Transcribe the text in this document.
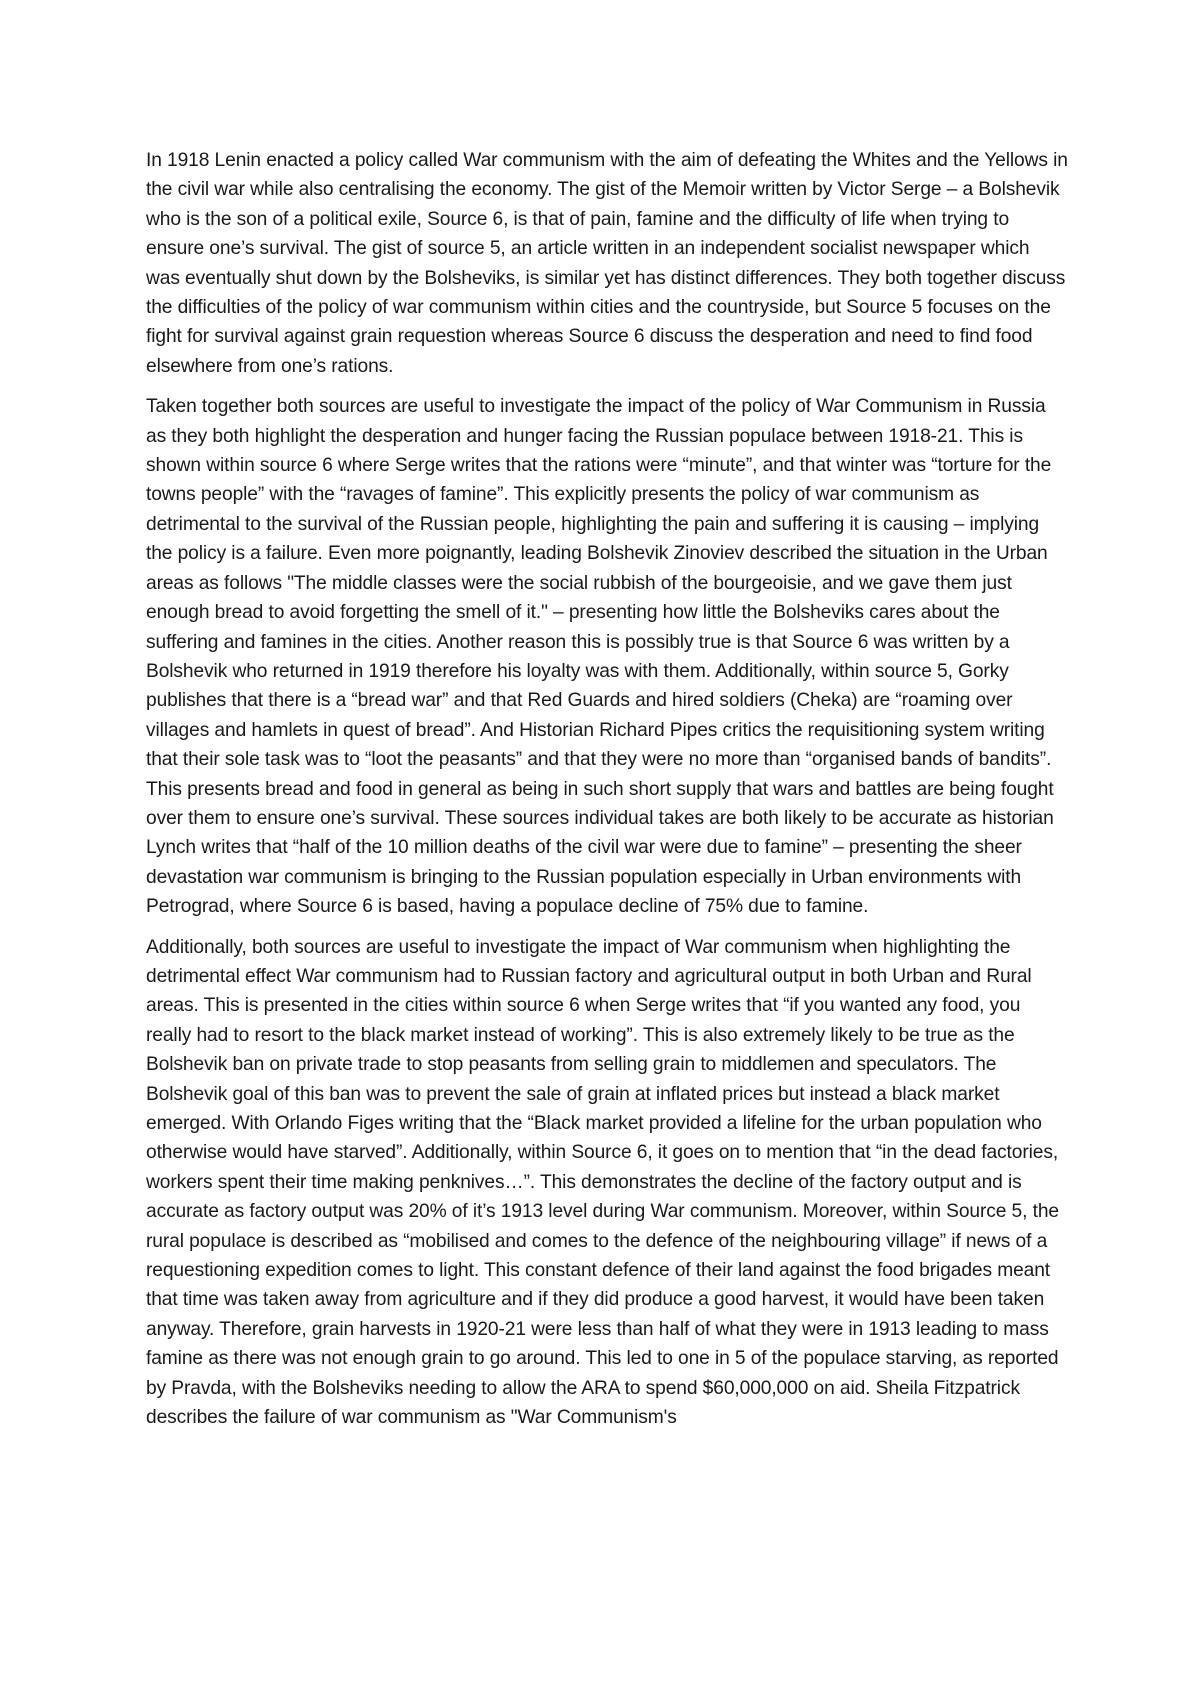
In 1918 Lenin enacted a policy called War communism with the aim of defeating the Whites and the Yellows in the civil war while also centralising the economy. The gist of the Memoir written by Victor Serge – a Bolshevik who is the son of a political exile, Source 6, is that of pain, famine and the difficulty of life when trying to ensure one’s survival. The gist of source 5, an article written in an independent socialist newspaper which was eventually shut down by the Bolsheviks, is similar yet has distinct differences. They both together discuss the difficulties of the policy of war communism within cities and the countryside, but Source 5 focuses on the fight for survival against grain requestion whereas Source 6 discuss the desperation and need to find food elsewhere from one’s rations.

Taken together both sources are useful to investigate the impact of the policy of War Communism in Russia as they both highlight the desperation and hunger facing the Russian populace between 1918-21. This is shown within source 6 where Serge writes that the rations were “minute”, and that winter was “torture for the towns people” with the “ravages of famine”. This explicitly presents the policy of war communism as detrimental to the survival of the Russian people, highlighting the pain and suffering it is causing – implying the policy is a failure. Even more poignantly, leading Bolshevik Zinoviev described the situation in the Urban areas as follows "The middle classes were the social rubbish of the bourgeoisie, and we gave them just enough bread to avoid forgetting the smell of it." – presenting how little the Bolsheviks cares about the suffering and famines in the cities. Another reason this is possibly true is that Source 6 was written by a Bolshevik who returned in 1919 therefore his loyalty was with them. Additionally, within source 5, Gorky publishes that there is a “bread war” and that Red Guards and hired soldiers (Cheka) are “roaming over villages and hamlets in quest of bread”. And Historian Richard Pipes critics the requisitioning system writing that their sole task was to “loot the peasants” and that they were no more than “organised bands of bandits”. This presents bread and food in general as being in such short supply that wars and battles are being fought over them to ensure one’s survival. These sources individual takes are both likely to be accurate as historian Lynch writes that “half of the 10 million deaths of the civil war were due to famine” – presenting the sheer devastation war communism is bringing to the Russian population especially in Urban environments with Petrograd, where Source 6 is based, having a populace decline of 75% due to famine.

Additionally, both sources are useful to investigate the impact of War communism when highlighting the detrimental effect War communism had to Russian factory and agricultural output in both Urban and Rural areas. This is presented in the cities within source 6 when Serge writes that “if you wanted any food, you really had to resort to the black market instead of working”. This is also extremely likely to be true as the Bolshevik ban on private trade to stop peasants from selling grain to middlemen and speculators. The Bolshevik goal of this ban was to prevent the sale of grain at inflated prices but instead a black market emerged. With Orlando Figes writing that the “Black market provided a lifeline for the urban population who otherwise would have starved”. Additionally, within Source 6, it goes on to mention that “in the dead factories, workers spent their time making penknives…”. This demonstrates the decline of the factory output and is accurate as factory output was 20% of it’s 1913 level during War communism. Moreover, within Source 5, the rural populace is described as “mobilised and comes to the defence of the neighbouring village” if news of a requestioning expedition comes to light. This constant defence of their land against the food brigades meant that time was taken away from agriculture and if they did produce a good harvest, it would have been taken anyway. Therefore, grain harvests in 1920-21 were less than half of what they were in 1913 leading to mass famine as there was not enough grain to go around. This led to one in 5 of the populace starving, as reported by Pravda, with the Bolsheviks needing to allow the ARA to spend $60,000,000 on aid. Sheila Fitzpatrick describes the failure of war communism as "War Communism's
